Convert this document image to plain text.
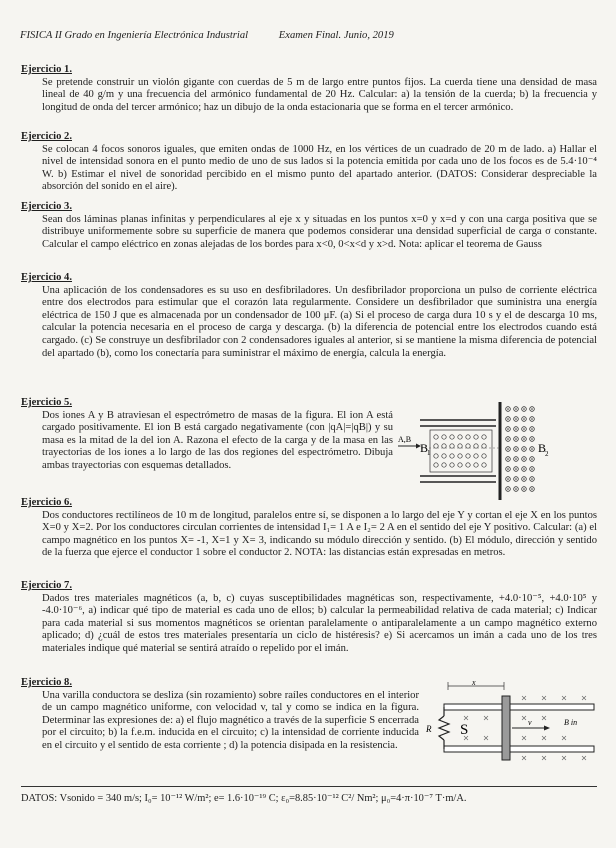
FISICA II Grado en Ingeniería Electrónica Industrial	Examen Final. Junio, 2019
Ejercicio 1.
Se pretende construir un violón gigante con cuerdas de 5 m de largo entre puntos fijos. La cuerda tiene una densidad de masa lineal de 40 g/m y una frecuencia del armónico fundamental de 20 Hz. Calcular: a) la tensión de la cuerda; b) la frecuencia y longitud de onda del tercer armónico; haz un dibujo de la onda estacionaria que se forma en el tercer armónico.
Ejercicio 2.
Se colocan 4 focos sonoros iguales, que emiten ondas de 1000 Hz, en los vértices de un cuadrado de 20 m de lado. a) Hallar el nivel de intensidad sonora en el punto medio de uno de sus lados si la potencia emitida por cada uno de los focos es de 5.4·10⁻⁴ W. b) Estimar el nivel de sonoridad percibido en el mismo punto del apartado anterior. (DATOS: Considerar despreciable la absorción del sonido en el aire).
Ejercicio 3.
Sean dos láminas planas infinitas y perpendiculares al eje x y situadas en los puntos x=0 y x=d y con una carga positiva que se distribuye uniformemente sobre su superficie de manera que podemos considerar una densidad superficial de carga σ constante. Calcular el campo eléctrico en zonas alejadas de los bordes para x<0, 0<x<d y x>d. Nota: aplicar el teorema de Gauss
Ejercicio 4.
Una aplicación de los condensadores es su uso en desfibriladores. Un desfibrilador proporciona un pulso de corriente eléctrica entre dos electrodos para estimular que el corazón lata regularmente. Considere un desfibrilador que suministra una energía eléctrica de 150 J que es almacenada por un condensador de 100 μF. (a) Si el proceso de carga dura 10 s y el de descarga 10 ms, calcular la potencia necesaria en el proceso de carga y descarga. (b) la diferencia de potencial entre los electrodos cuando está cargado. (c) Se construye un desfibrilador con 2 condensadores iguales al anterior, si se mantiene la misma diferencia de potencial del apartado (b), como los conectaría para suministrar el máximo de energía, calcula la energía.
Ejercicio 5.
Dos iones A y B atraviesan el espectrómetro de masas de la figura. El ion A está cargado positivamente. El ion B está cargado negativamente (con |qA|=|qB|) y su masa es la mitad de la del ion A. Razona el efecto de la carga y de la masa en las trayectorias de los iones a lo largo de las dos regiones del espectrómetro. Dibuja ambas trayectorias con esquemas detallados.
A,B
B
1	B
2
Ejercicio 6.
Dos conductores rectilíneos de 10 m de longitud, paralelos entre sí, se disponen a lo largo del eje Y y cortan el eje X en los puntos X=0 y X=2. Por los conductores circulan corrientes de intensidad I₁= 1 A e I₂= 2 A en el sentido del eje Y positivo. Calcular: (a) el campo magnético en los puntos X= -1, X=1 y X= 3, indicando su módulo dirección y sentido. (b) El módulo, dirección y sentido de la fuerza que ejerce el conductor 1 sobre el conductor 2. NOTA: las distancias están expresadas en metros.
Ejercicio 7.
Dados tres materiales magnéticos (a, b, c) cuyas susceptibilidades magnéticas son, respectivamente, +4.0·10⁻⁵, +4.0·10⁵ y -4.0·10⁻⁶, a) indicar qué tipo de material es cada uno de ellos; b) calcular la permeabilidad relativa de cada material; c) Indicar para cada material si sus momentos magnéticos se orientan paralelamente o antiparalelamente a un campo magnético externo aplicado; d) ¿cuál de estos tres materiales presentaría un ciclo de histéresis? e) Si acercamos un imán a cada uno de los tres materiales indique qué material se sentirá atraído o repelido por el imán.
Ejercicio 8.
Una varilla conductora se desliza (sin rozamiento) sobre raíles conductores en el interior de un campo magnético uniforme, con velocidad v, tal y como se indica en la figura. Determinar las expresiones de: a) el flujo magnético a través de la superficie S encerrada por el circuito; b) la f.e.m. inducida en el circuito; c) la intensidad de corriente inducida en el circuito y el sentido de esta corriente ; d) la potencia disipada en la resistencia.
x
R S	v	B in
DATOS: Vsonido = 340 m/s; I₀= 10⁻¹² W/m²; e= 1.6·10⁻¹⁹ C; ε₀=8.85·10⁻¹² C²/ Nm²; μ₀=4·π·10⁻⁷ T·m/A.
